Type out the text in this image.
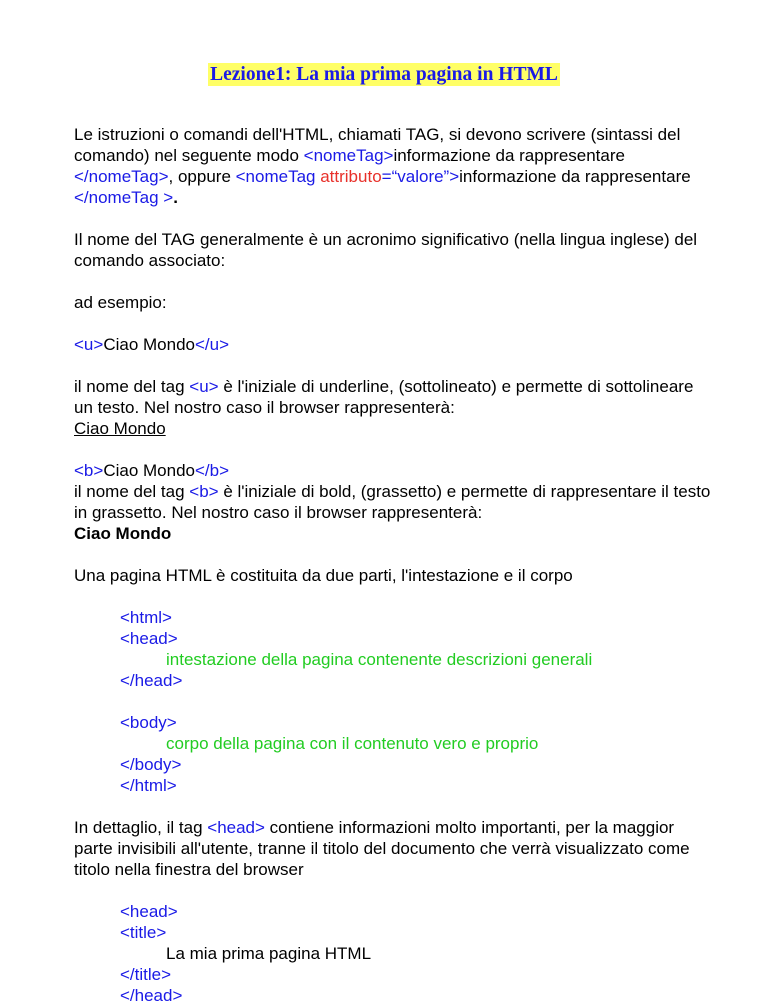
Lezione1: La mia prima pagina in HTML

Le istruzioni o comandi dell'HTML, chiamati TAG, si devono scrivere (sintassi del comando) nel seguente modo <nomeTag>informazione da rappresentare </nomeTag>, oppure <nomeTag attributo=“valore”>informazione da rappresentare </nomeTag >.

Il nome del TAG generalmente è un acronimo significativo (nella lingua inglese) del comando associato:

ad esempio:

<u>Ciao Mondo</u>

il nome del tag <u> è l'iniziale di underline, (sottolineato) e permette di sottolineare un testo. Nel nostro caso il browser rappresenterà:

Ciao Mondo

<b>Ciao Mondo</b>

il nome del tag <b> è l'iniziale di bold, (grassetto) e permette di rappresentare il testo in grassetto. Nel nostro caso il browser rappresenterà:

Ciao Mondo

Una pagina HTML è costituita da due parti, l'intestazione e il corpo

<html>

<head>

intestazione della pagina contenente descrizioni generali

</head>

<body>

corpo della pagina con il contenuto vero e proprio

</body>

</html>

In dettaglio, il tag <head> contiene informazioni molto importanti, per la maggior parte invisibili all'utente, tranne il titolo del documento che verrà visualizzato come titolo nella finestra del browser

<head>

<title>

La mia prima pagina HTML

</title>

</head>
